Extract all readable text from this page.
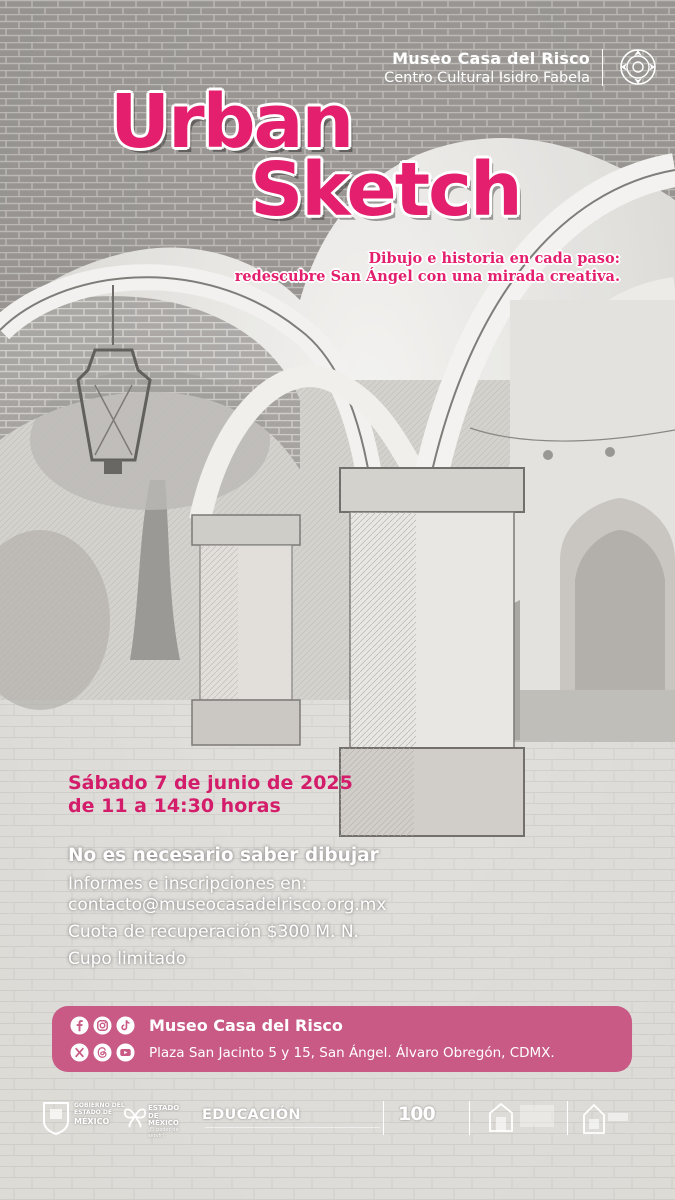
Museo Casa del Risco
Centro Cultural Isidro Fabela
Urban
Sketch
Dibujo e historia en cada paso:
redescubre San Ángel con una mirada creativa.
Sábado 7 de junio de 2025
de 11 a 14:30 horas
No es necesario saber dibujar
Informes e inscripciones en:
contacto@museocasadelrisco.org.mx
Cuota de recuperación $300 M. N.
Cupo limitado
Museo Casa del Risco
Plaza San Jacinto 5 y 15, San Ángel. Álvaro Obregón, CDMX.
GOBIERNO DEL
ESTADO DE
MÉXICO
ESTADO DE MÉXICO
¡El poder de servir!
EDUCACIÓN	100
